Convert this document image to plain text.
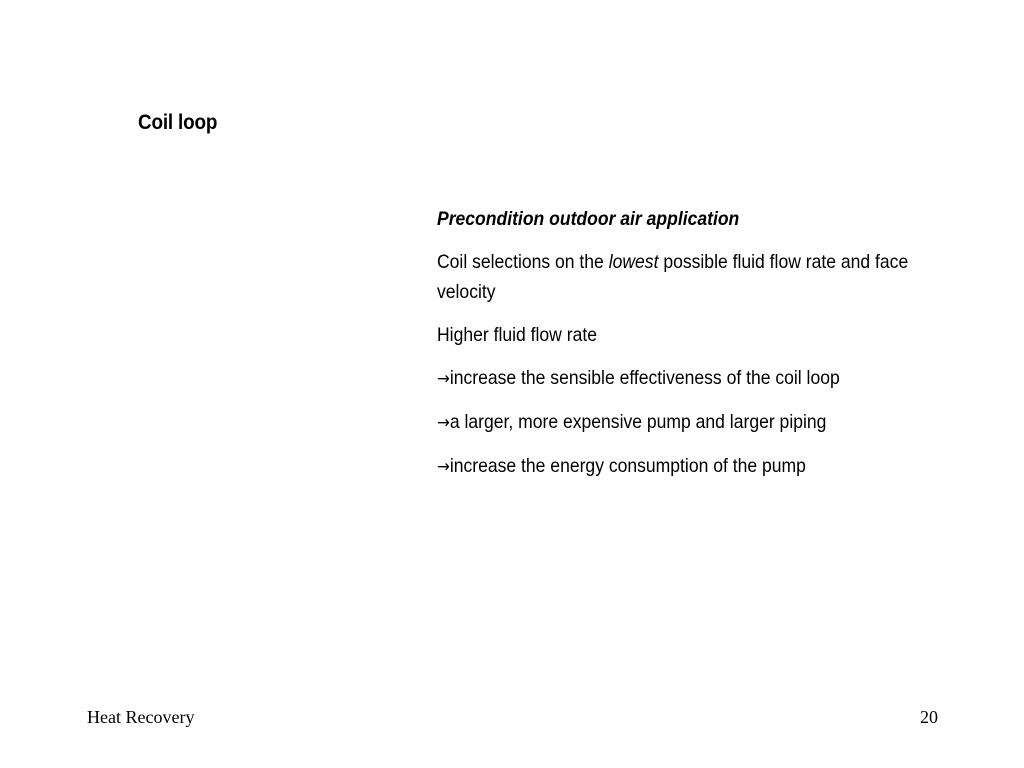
Coil loop

Precondition outdoor air application

Coil selections on the lowest possible fluid flow rate and face velocity

Higher fluid flow rate

→increase the sensible effectiveness of the coil loop

→a larger, more expensive pump and larger piping

→increase the energy consumption of the pump

Heat Recovery	20
